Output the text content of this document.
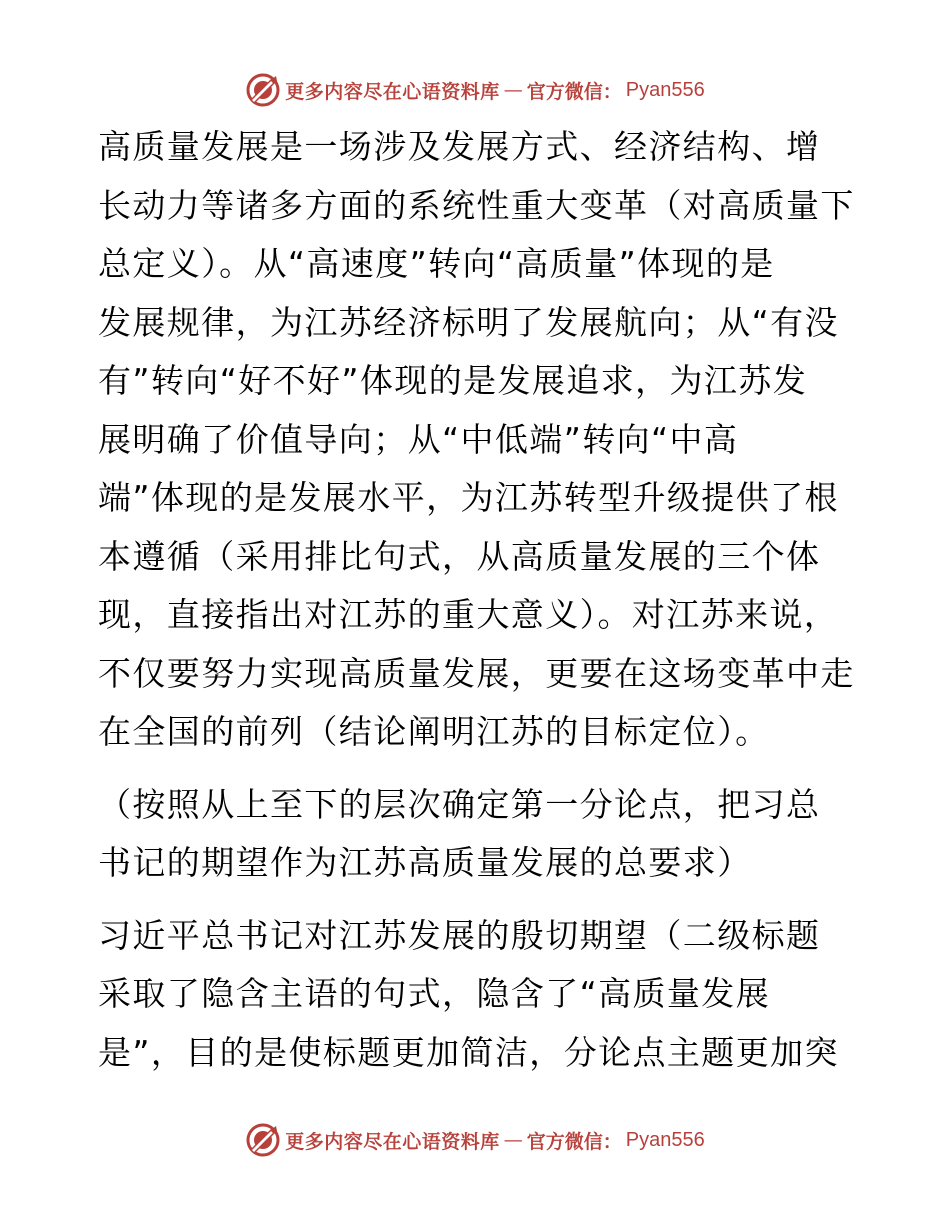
更多内容尽在心语资料库 — 官方微信： Pyan556

高质量发展是一场涉及发展方式、经济结构、增
长动力等诸多方面的系统性重大变革（对高质量下
总定义）。从“高速度”转向“高质量”体现的是
发展规律，为江苏经济标明了发展航向；从“有没
有”转向“好不好”体现的是发展追求，为江苏发
展明确了价值导向；从“中低端”转向“中高
端”体现的是发展水平，为江苏转型升级提供了根
本遵循（采用排比句式，从高质量发展的三个体
现，直接指出对江苏的重大意义）。对江苏来说，
不仅要努力实现高质量发展，更要在这场变革中走
在全国的前列（结论阐明江苏的目标定位）。

（按照从上至下的层次确定第一分论点，把习总
书记的期望作为江苏高质量发展的总要求）

习近平总书记对江苏发展的殷切期望（二级标题
采取了隐含主语的句式，隐含了“高质量发展
是”，目的是使标题更加简洁，分论点主题更加突

更多内容尽在心语资料库 — 官方微信： Pyan556
